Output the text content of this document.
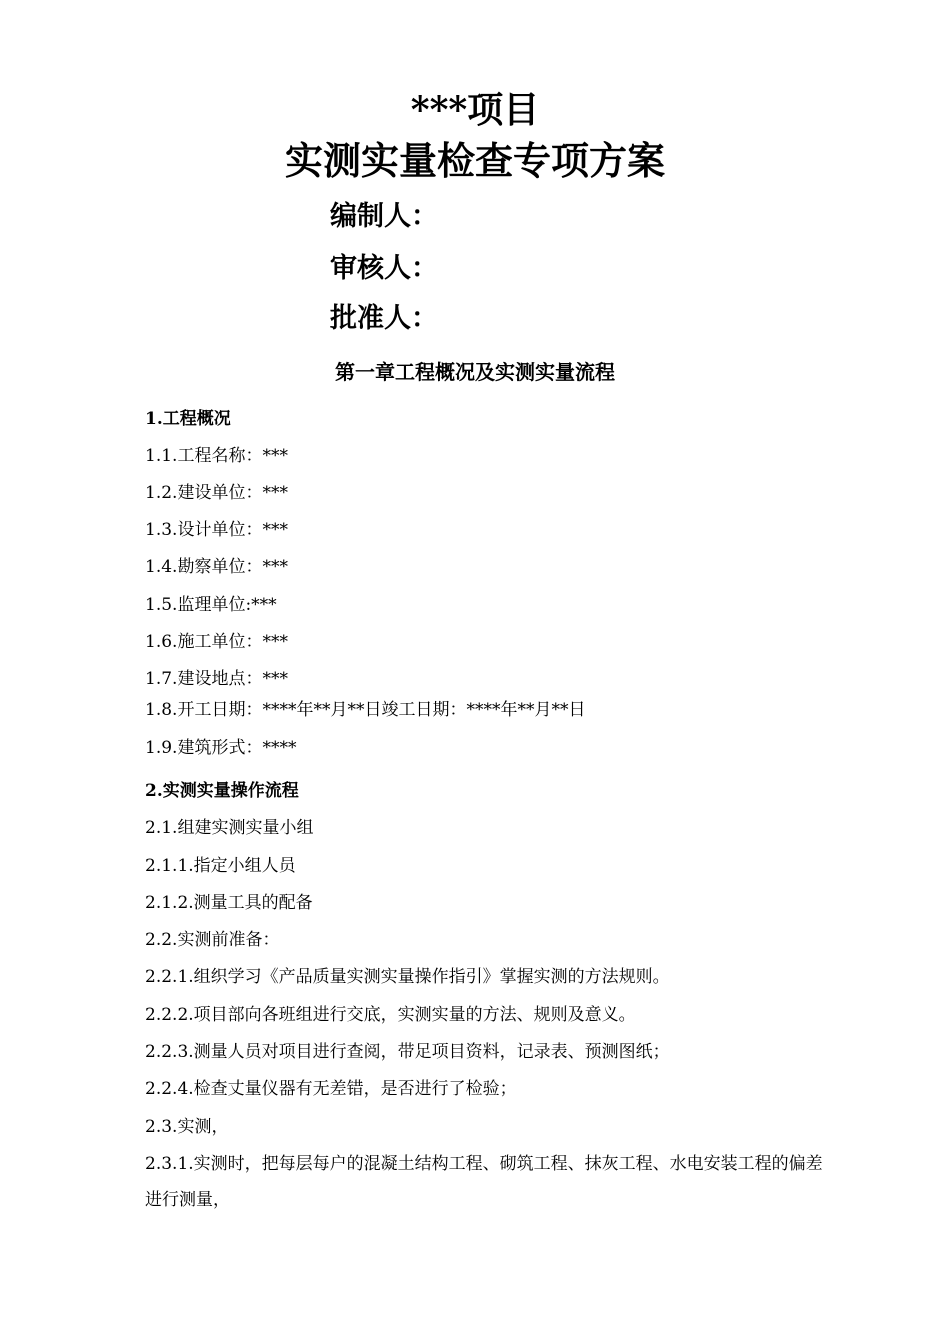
***项目
实测实量检查专项方案
编制人：
审核人：
批准人：
第一章工程概况及实测实量流程
1.工程概况
1.1.工程名称：***
1.2.建设单位：***
1.3.设计单位：***
1.4.勘察单位：***
1.5.监理单位:***
1.6.施工单位：***
1.7.建设地点：***
1.8.开工日期：****年**月**日竣工日期：****年**月**日
1.9.建筑形式：****
2.实测实量操作流程
2.1.组建实测实量小组
2.1.1.指定小组人员
2.1.2.测量工具的配备
2.2.实测前准备：
2.2.1.组织学习《产品质量实测实量操作指引》掌握实测的方法规则。
2.2.2.项目部向各班组进行交底，实测实量的方法、规则及意义。
2.2.3.测量人员对项目进行查阅，带足项目资料，记录表、预测图纸；
2.2.4.检查丈量仪器有无差错，是否进行了检验；
2.3.实测，
2.3.1.实测时，把每层每户的混凝土结构工程、砌筑工程、抹灰工程、水电安装工程的偏差进行测量，
